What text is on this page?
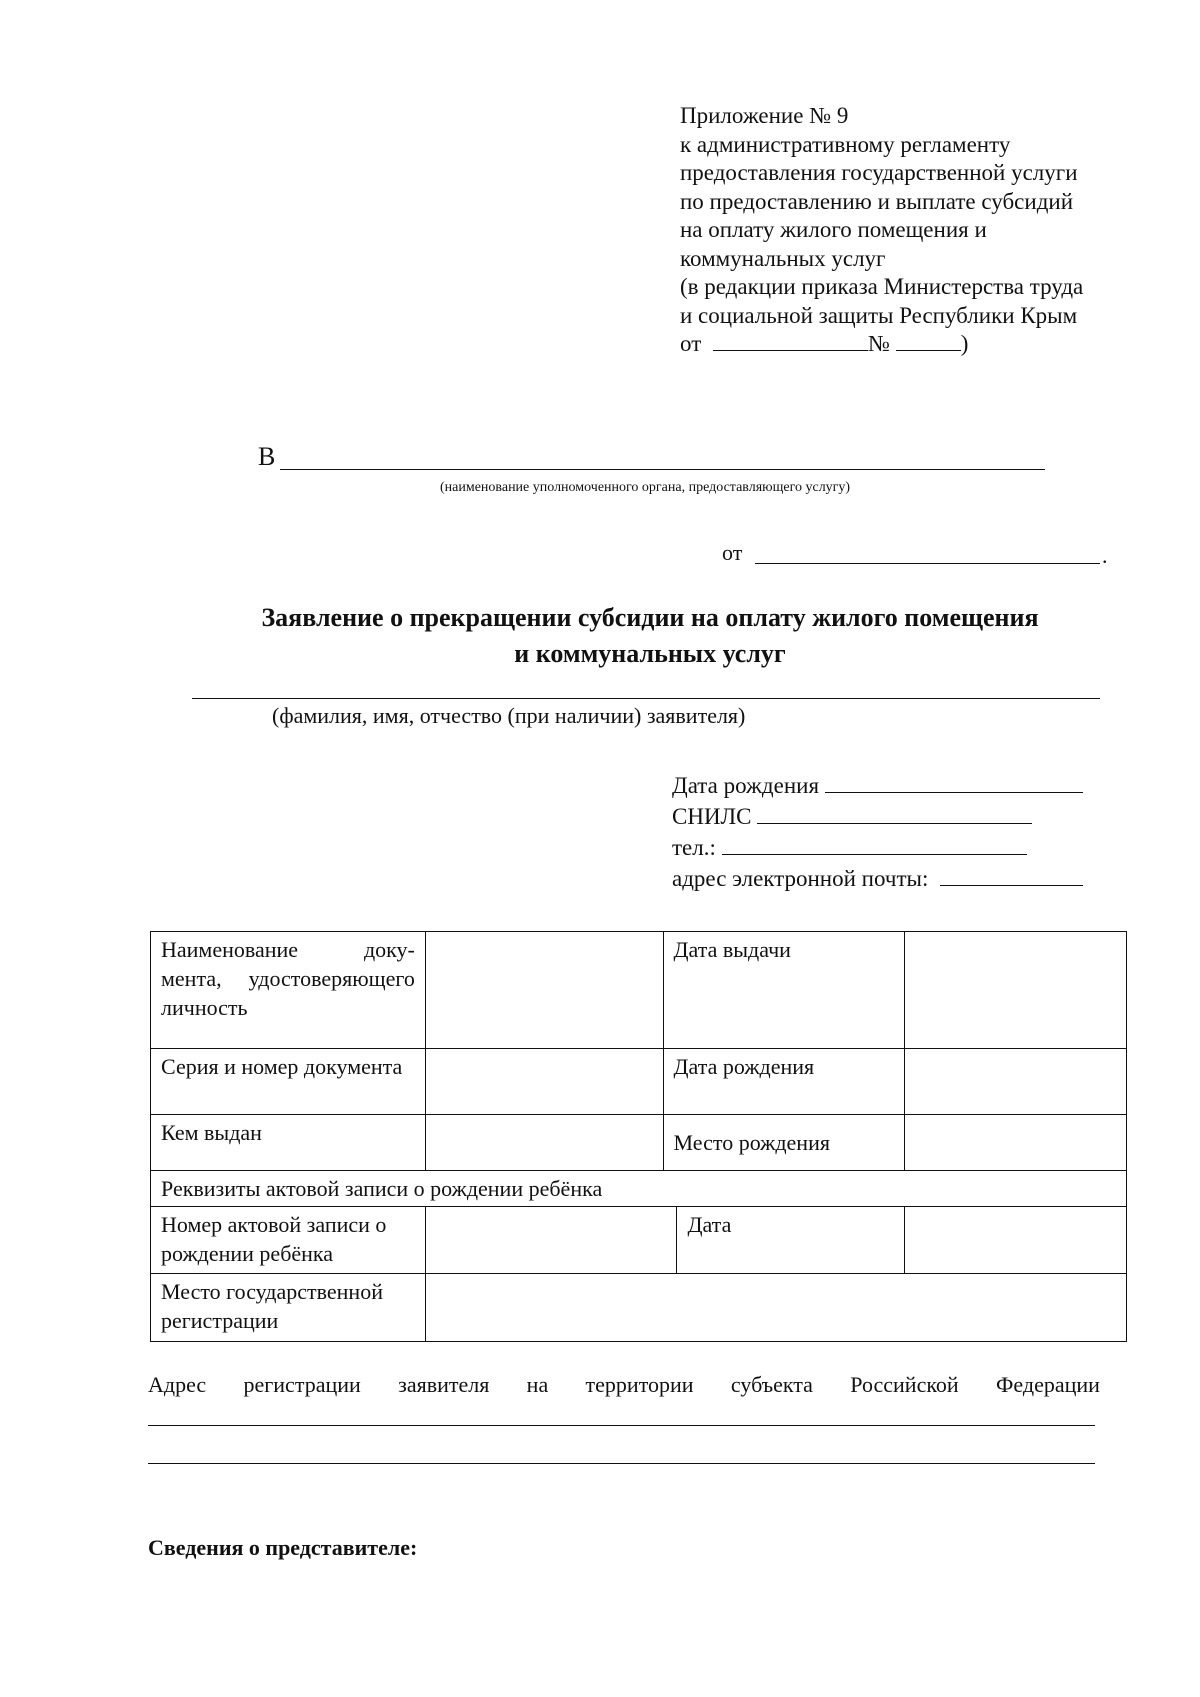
Приложение № 9
к административному регламенту
предоставления государственной услуги
по предоставлению и выплате субсидий
на оплату жилого помещения и
коммунальных услуг
(в редакции приказа Министерства труда
и социальной защиты Республики Крым
от	№	)
В
(наименование уполномоченного органа, предоставляющего услугу)
от	.
Заявление о прекращении субсидии на оплату жилого помещения
и коммунальных услуг
(фамилия, имя, отчество (при наличии) заявителя)
Дата рождения
СНИЛС
тел.:
адрес электронной почты:
Наименование доку-мента, удостоверяющего личность		Дата выдачи		
Серия и номер документа		Дата рождения		
Кем выдан		Место рождения		
Реквизиты актовой записи о рождении ребёнка				
Номер актовой записи о рождении ребёнка			Дата	
Место государственной регистрации				
Адрес регистрации заявителя на территории субъекта Российской Федерации
Сведения о представителе:
